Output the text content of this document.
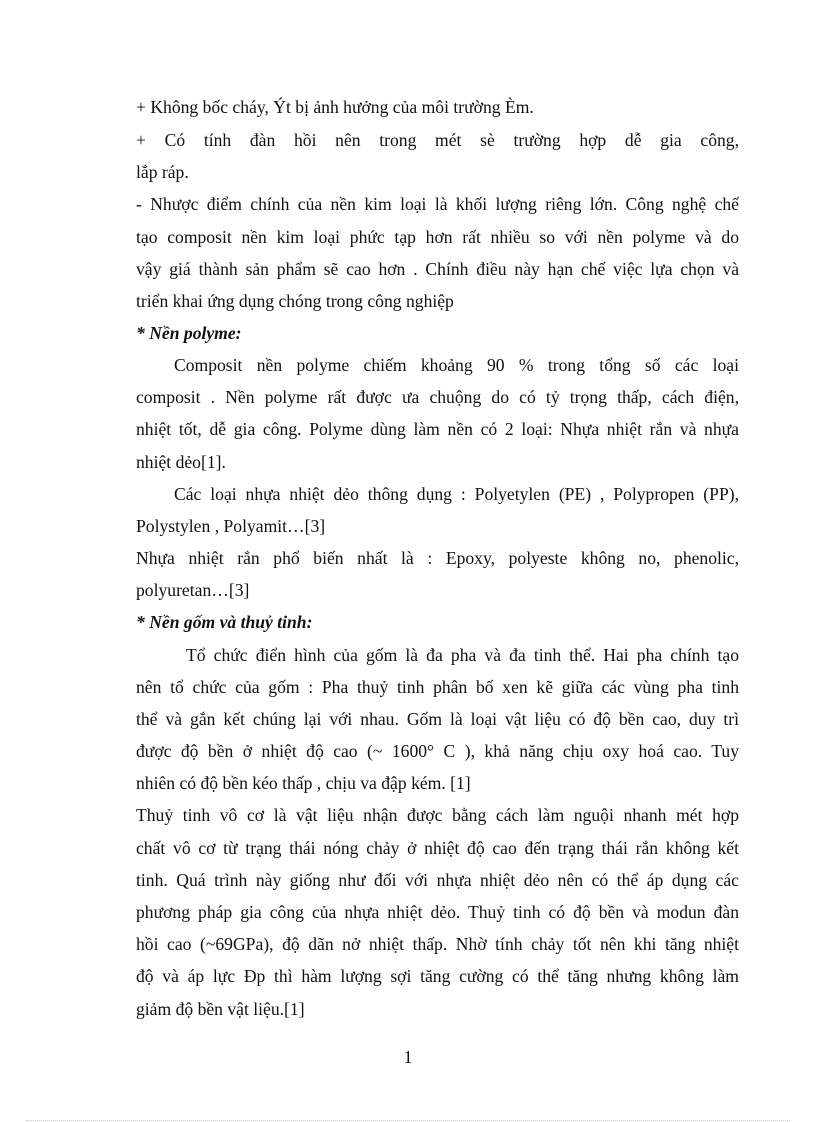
+ Không bốc cháy, Ýt bị ảnh hưởng của môi trường Èm.
+ Có tính đàn hồi nên trong mét sè trường hợp dễ gia công,
lắp ráp.
- Nhược điểm chính của nền kim loại là khối lượng riêng lớn. Công nghệ chế
tạo composit nền kim loại phức tạp hơn rất nhiều so với nền polyme và do
vậy giá thành sản phẩm sẽ cao hơn . Chính điều này hạn chế việc lựa chọn và
triển khai ứng dụng chóng trong công nghiệp
* Nền polyme:
Composit nền polyme chiếm khoảng 90 % trong tổng số các loại
composit . Nền polyme rất được ưa chuộng do có tỷ trọng thấp, cách điện,
nhiệt tốt, dễ gia công. Polyme dùng làm nền có 2 loại: Nhựa nhiệt rắn và nhựa
nhiệt dẻo[1].
Các loại nhựa nhiệt dẻo thông dụng : Polyetylen (PE) , Polypropen (PP),
Polystylen , Polyamit…[3]
Nhựa nhiệt rắn phổ biến nhất là : Epoxy, polyeste không no, phenolic,
polyuretan…[3]
* Nền gốm và thuỷ tinh:
Tổ chức điển hình của gốm là đa pha và đa tinh thể. Hai pha chính tạo
nên tổ chức của gốm : Pha thuỷ tinh phân bố xen kẽ giữa các vùng pha tinh
thể và gắn kết chúng lại với nhau. Gốm là loại vật liệu có độ bền cao, duy trì
được độ bền ở nhiệt độ cao (~ 1600° C ), khả năng chịu oxy hoá cao. Tuy
nhiên có độ bền kéo thấp , chịu va đập kém. [1]
Thuỷ tinh vô cơ là vật liệu nhận được bằng cách làm nguội nhanh mét hợp
chất vô cơ từ trạng thái nóng chảy ở nhiệt độ cao đến trạng thái rắn không kết
tinh. Quá trình này giống như đối với nhựa nhiệt dẻo nên có thể áp dụng các
phương pháp gia công của nhựa nhiệt dẻo. Thuỷ tinh có độ bền và modun đàn
hồi cao (~69GPa), độ dãn nở nhiệt thấp. Nhờ tính chảy tốt nên khi tăng nhiệt
độ và áp lực Đp thì hàm lượng sợi tăng cường có thể tăng nhưng không làm
giảm độ bền vật liệu.[1]
1
